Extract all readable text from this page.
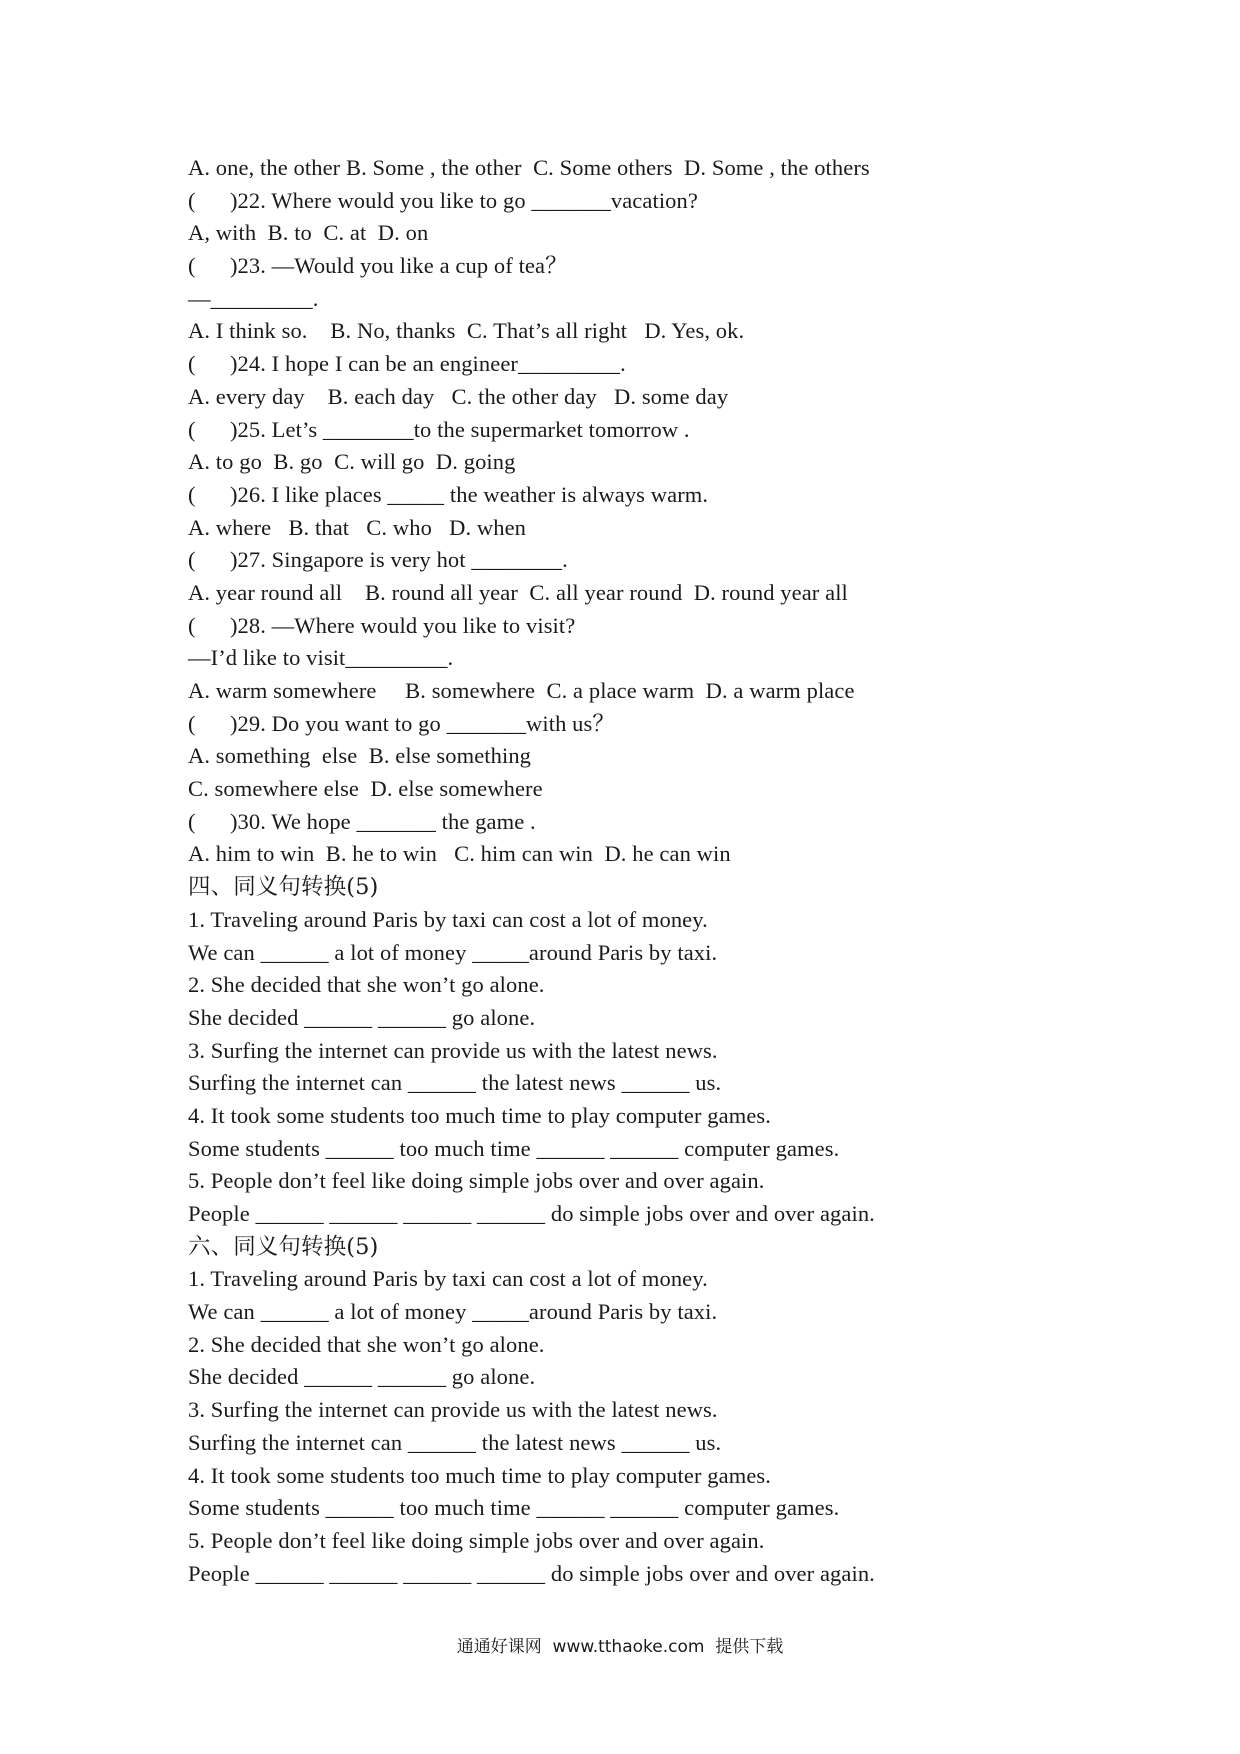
A. one, the other B. Some , the other  C. Some others  D. Some , the others
(      )22. Where would you like to go _______vacation?
A, with  B. to  C. at  D. on
(      )23. —Would you like a cup of tea？
—_________.
A. I think so.    B. No, thanks  C. That’s all right   D. Yes, ok.
(      )24. I hope I can be an engineer_________.
A. every day    B. each day   C. the other day   D. some day
(      )25. Let’s ________to the supermarket tomorrow .
A. to go  B. go  C. will go  D. going
(      )26. I like places _____ the weather is always warm.
A. where   B. that   C. who   D. when
(      )27. Singapore is very hot ________.
A. year round all    B. round all year  C. all year round  D. round year all
(      )28. —Where would you like to visit?
—I’d like to visit_________.
A. warm somewhere     B. somewhere  C. a place warm  D. a warm place
(      )29. Do you want to go _______with us？
A. something  else  B. else something
C. somewhere else  D. else somewhere
(      )30. We hope _______ the game .
A. him to win  B. he to win   C. him can win  D. he can win
四、同义句转换(5)
1. Traveling around Paris by taxi can cost a lot of money.
We can ______ a lot of money _____around Paris by taxi.
2. She decided that she won’t go alone.
She decided ______ ______ go alone.
3. Surfing the internet can provide us with the latest news.
Surfing the internet can ______ the latest news ______ us.
4. It took some students too much time to play computer games.
Some students ______ too much time ______ ______ computer games.
5. People don’t feel like doing simple jobs over and over again.
People ______ ______ ______ ______ do simple jobs over and over again.
六、同义句转换(5)
1. Traveling around Paris by taxi can cost a lot of money.
We can ______ a lot of money _____around Paris by taxi.
2. She decided that she won’t go alone.
She decided ______ ______ go alone.
3. Surfing the internet can provide us with the latest news.
Surfing the internet can ______ the latest news ______ us.
4. It took some students too much time to play computer games.
Some students ______ too much time ______ ______ computer games.
5. People don’t feel like doing simple jobs over and over again.
People ______ ______ ______ ______ do simple jobs over and over again.
通通好课网  www.tthaoke.com  提供下载
